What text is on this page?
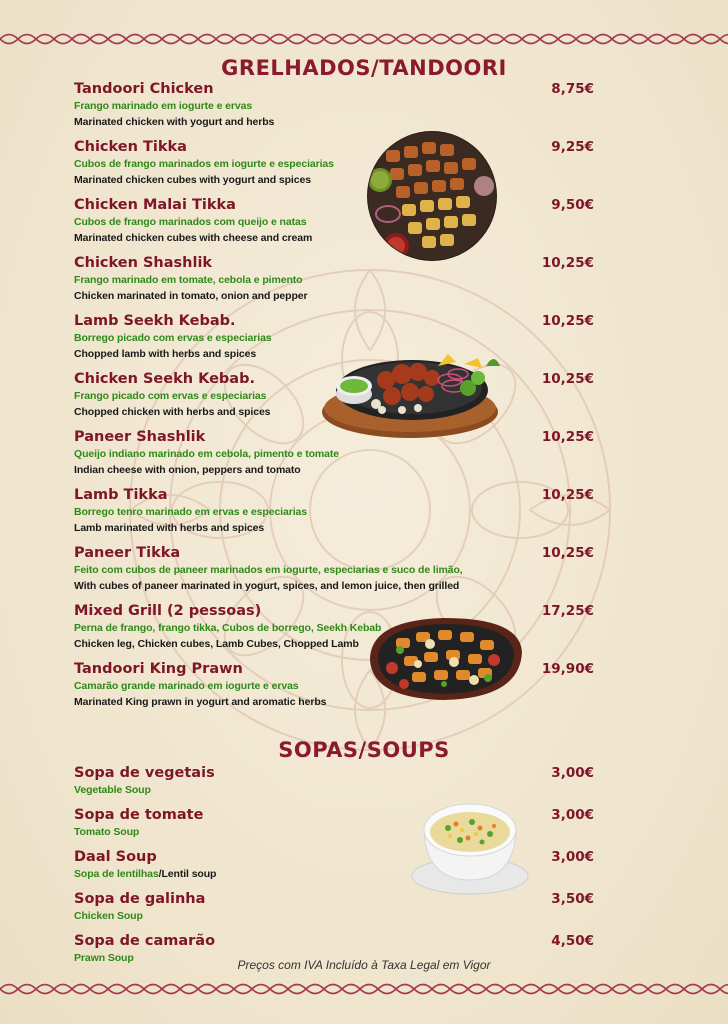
GRELHADOS/TANDOORI
Tandoori Chicken
Frango marinado em iogurte e ervas
Marinated chicken with yogurt and herbs
8,75€
Chicken Tikka
Cubos de frango marinados em iogurte e especiarias
Marinated chicken cubes with yogurt and spices
9,25€
Chicken Malai Tikka
Cubos de frango marinados com queijo e natas
Marinated chicken cubes with cheese and cream
9,50€
Chicken Shashlik
Frango marinado em tomate, cebola e pimento
Chicken marinated in tomato, onion and pepper
10,25€
Lamb Seekh Kebab.
Borrego picado com ervas e especiarias
Chopped lamb with herbs and spices
10,25€
Chicken Seekh Kebab.
Frango picado com ervas e especiarias
Chopped chicken with herbs and spices
10,25€
Paneer Shashlik
Queijo indiano marinado em cebola, pimento e tomate
Indian cheese with onion, peppers and tomato
10,25€
Lamb Tikka
Borrego tenro marinado em ervas e especiarias
Lamb marinated with herbs and spices
10,25€
Paneer Tikka
Feito com cubos de paneer marinados em iogurte, especiarias e suco de limão,
With cubes of paneer marinated in yogurt, spices, and lemon juice, then grilled
10,25€
Mixed Grill (2 pessoas)
Perna de frango, frango tikka, Cubos de borrego, Seekh Kebab
Chicken leg, Chicken cubes, Lamb Cubes, Chopped Lamb
17,25€
Tandoori King Prawn
Camarão grande marinado em iogurte e ervas
Marinated King prawn in yogurt and aromatic herbs
19,90€
SOPAS/SOUPS
Sopa de vegetais
Vegetable Soup
3,00€
Sopa de tomate
Tomato Soup
3,00€
Daal Soup
Sopa de lentilhas/Lentil soup
3,00€
Sopa de galinha
Chicken Soup
3,50€
Sopa de camarão
Prawn Soup
4,50€
Preços com IVA Incluído à Taxa Legal em Vigor
